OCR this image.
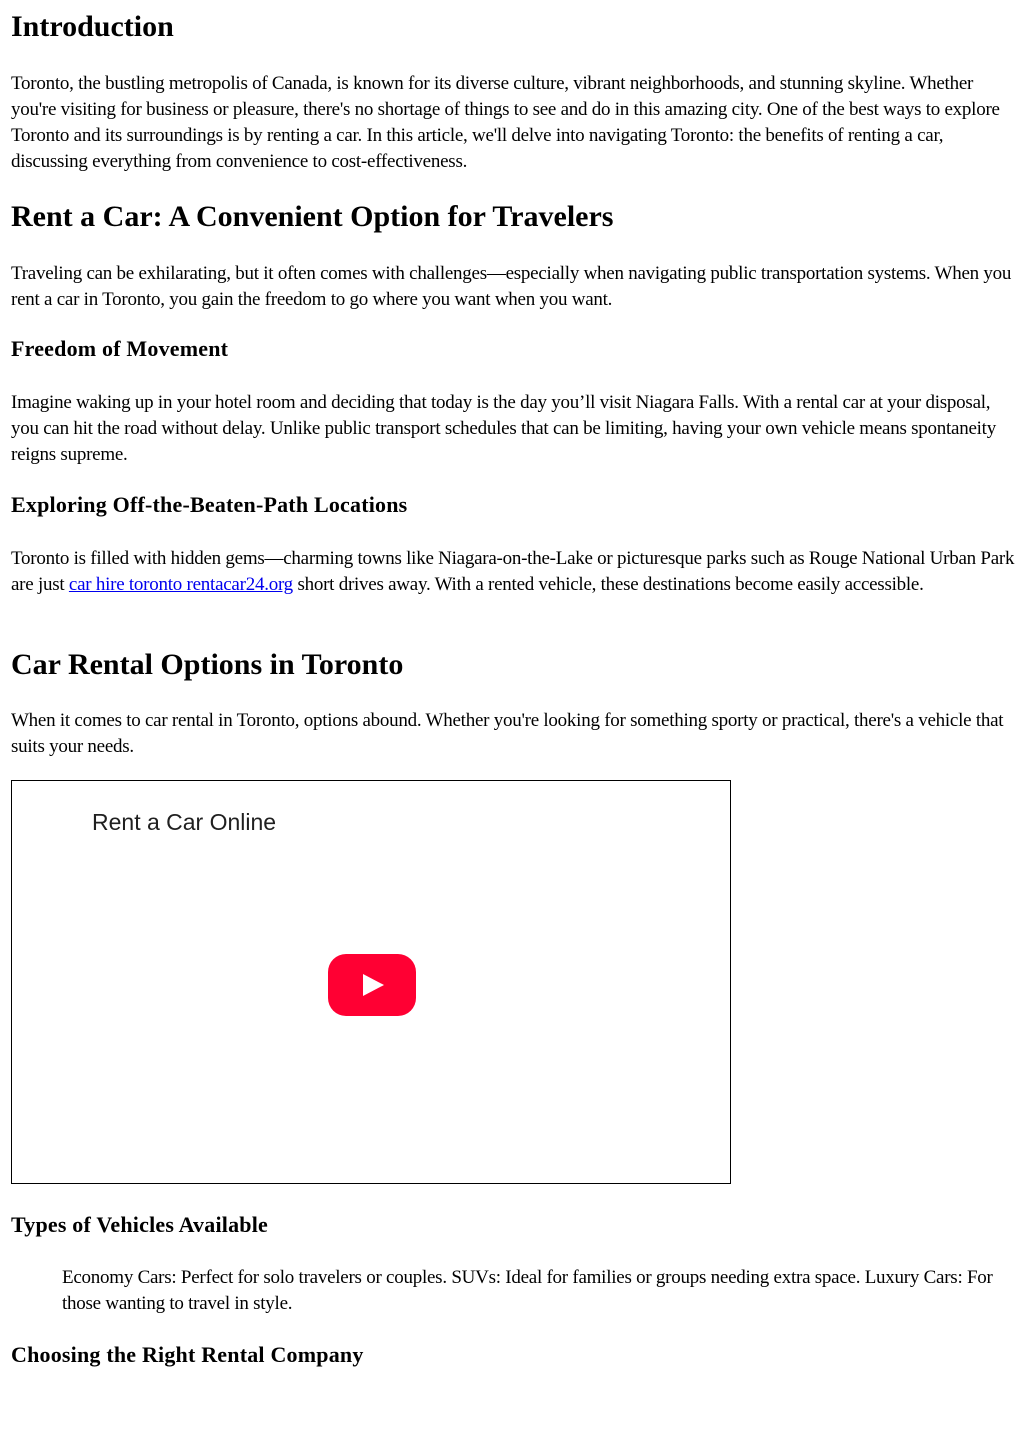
Introduction

Toronto, the bustling metropolis of Canada, is known for its diverse culture, vibrant neighborhoods, and stunning skyline. Whether you're visiting for business or pleasure, there's no shortage of things to see and do in this amazing city. One of the best ways to explore Toronto and its surroundings is by renting a car. In this article, we'll delve into navigating Toronto: the benefits of renting a car, discussing everything from convenience to cost-effectiveness.

Rent a Car: A Convenient Option for Travelers

Traveling can be exhilarating, but it often comes with challenges—especially when navigating public transportation systems. When you rent a car in Toronto, you gain the freedom to go where you want when you want.

Freedom of Movement

Imagine waking up in your hotel room and deciding that today is the day you’ll visit Niagara Falls. With a rental car at your disposal, you can hit the road without delay. Unlike public transport schedules that can be limiting, having your own vehicle means spontaneity reigns supreme.

Exploring Off-the-Beaten-Path Locations

Toronto is filled with hidden gems—charming towns like Niagara-on-the-Lake or picturesque parks such as Rouge National Urban Park are just car hire toronto rentacar24.org short drives away. With a rented vehicle, these destinations become easily accessible.

Car Rental Options in Toronto

When it comes to car rental in Toronto, options abound. Whether you're looking for something sporty or practical, there's a vehicle that suits your needs.

Rent a Car Online
Types of Vehicles Available

Economy Cars: Perfect for solo travelers or couples. SUVs: Ideal for families or groups needing extra space. Luxury Cars: For those wanting to travel in style.

Choosing the Right Rental Company
